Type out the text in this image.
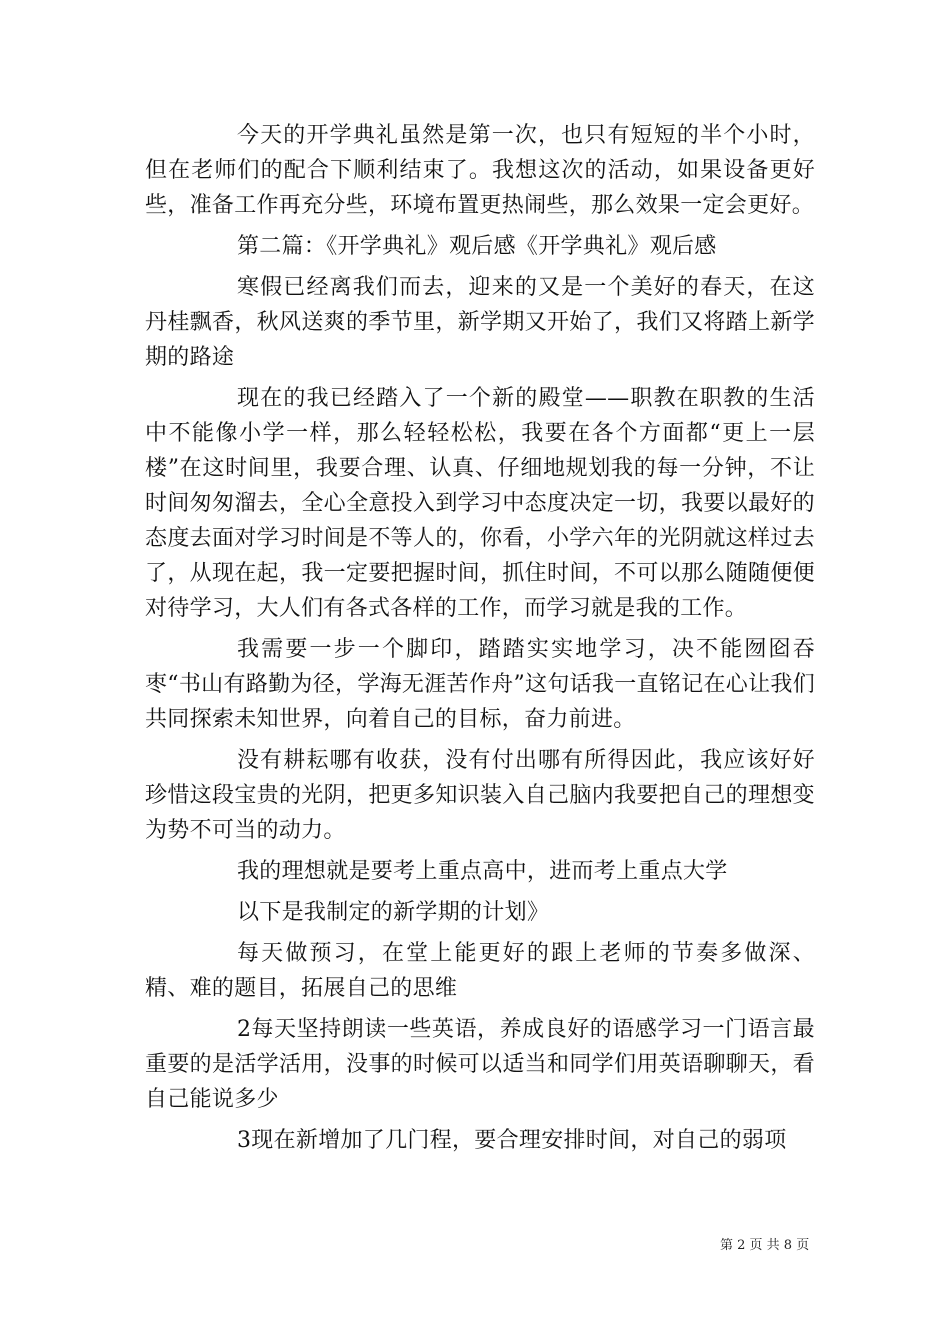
今天的开学典礼虽然是第一次，也只有短短的半个小时，但在老师们的配合下顺利结束了。我想这次的活动，如果设备更好些，准备工作再充分些，环境布置更热闹些，那么效果一定会更好。

第二篇：《开学典礼》观后感《开学典礼》观后感

寒假已经离我们而去，迎来的又是一个美好的春天，在这丹桂飘香，秋风送爽的季节里，新学期又开始了，我们又将踏上新学期的路途

现在的我已经踏入了一个新的殿堂——职教在职教的生活中不能像小学一样，那么轻轻松松，我要在各个方面都“更上一层楼”在这时间里，我要合理、认真、仔细地规划我的每一分钟，不让时间匆匆溜去，全心全意投入到学习中态度决定一切，我要以最好的态度去面对学习时间是不等人的，你看，小学六年的光阴就这样过去了，从现在起，我一定要把握时间，抓住时间，不可以那么随随便便对待学习，大人们有各式各样的工作，而学习就是我的工作。

我需要一步一个脚印，踏踏实实地学习，决不能囫囵吞枣“书山有路勤为径，学海无涯苦作舟”这句话我一直铭记在心让我们共同探索未知世界，向着自己的目标，奋力前进。

没有耕耘哪有收获，没有付出哪有所得因此，我应该好好珍惜这段宝贵的光阴，把更多知识装入自己脑内我要把自己的理想变为势不可当的动力。

我的理想就是要考上重点高中，进而考上重点大学

以下是我制定的新学期的计划》

每天做预习，在堂上能更好的跟上老师的节奏多做深、精、难的题目，拓展自己的思维

2每天坚持朗读一些英语，养成良好的语感学习一门语言最重要的是活学活用，没事的时候可以适当和同学们用英语聊聊天，看自己能说多少

3现在新增加了几门程，要合理安排时间，对自己的弱项

第 2 页 共 8 页
